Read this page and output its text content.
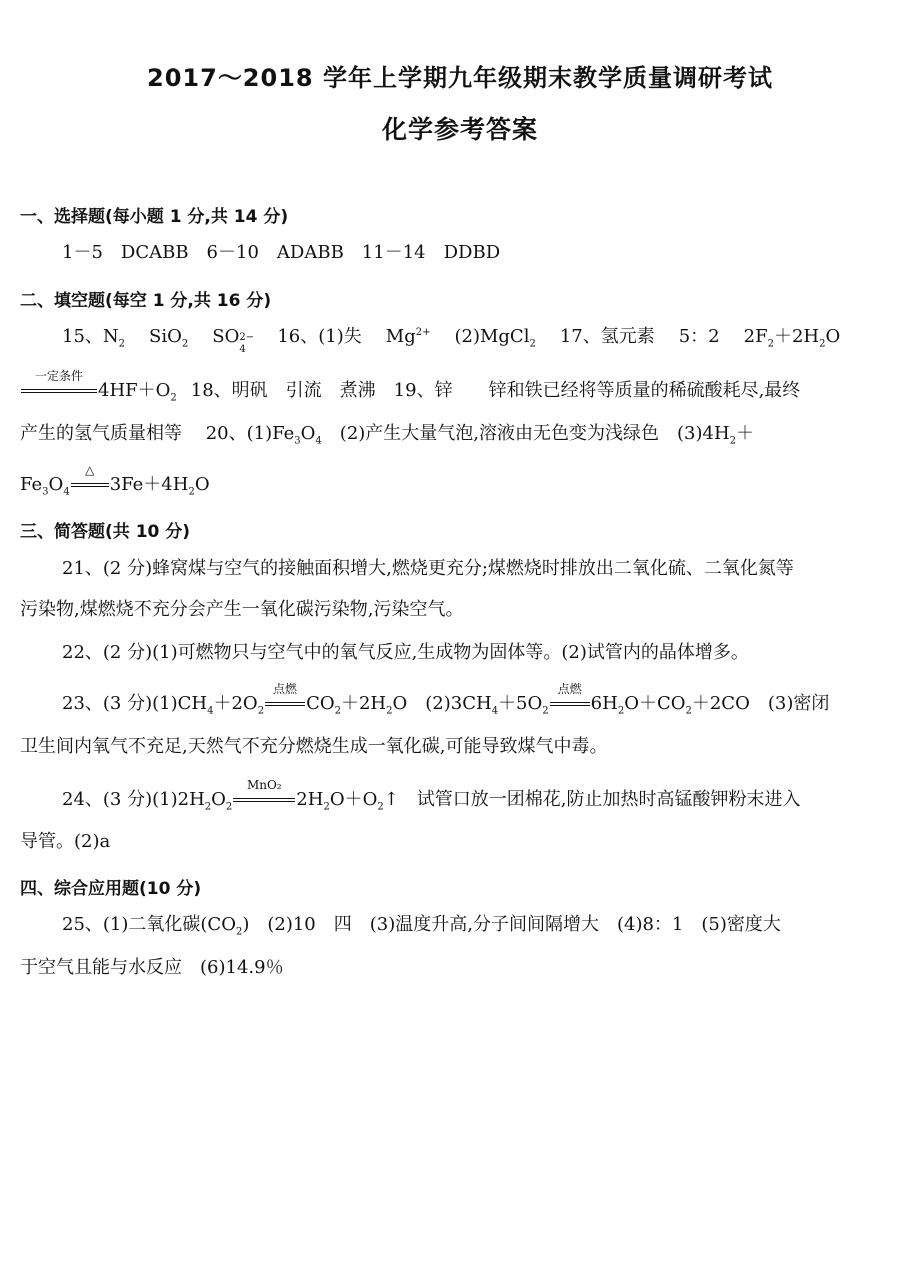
2017～2018 学年上学期九年级期末教学质量调研考试
化学参考答案
一、选择题(每小题 1 分,共 14 分)
1－5　DCABB　6－10　ADABB　11－14　DDBD
二、填空题(每空 1 分,共 16 分)
15、$N_2$ SiO$_2$ SO 2−
4
16、(1)失 $Mg^{2+}$ (2)MgCl$_2$ 17、氢元素 5：2 $2F_2+2H_2O$
一定条件
$4HF+O_2$ 18、明矾　引流　煮沸　19、锌　　锌和铁已经将等质量的稀硫酸耗尽,最终
产生的氢气质量相等　 20、$(1)Fe_3O_4$　(2)产生大量气泡,溶液由无色变为浅绿色　$(3)4H_2+$
$Fe_3O_4$
△
$3Fe+4H_2O$
三、简答题(共 10 分)
21、(2 分)蜂窝煤与空气的接触面积增大,燃烧更充分;煤燃烧时排放出二氧化硫、二氧化氮等
污染物,煤燃烧不充分会产生一氧化碳污染物,污染空气。
22、(2 分)(1)可燃物只与空气中的氧气反应,生成物为固体等。(2)试管内的晶体增多。
23、(3 分)$(1)CH_4+2O_2$
点燃
$CO_2+2H_2O$　$(2)3CH_4+5O_2$
点燃
$6H_2O+CO_2+2CO$　(3)密闭
卫生间内氧气不充足,天然气不充分燃烧生成一氧化碳,可能导致煤气中毒。
24、(3 分)$(1)2H_2O_2$
MnO₂
$2H_2O+O_2↑$　试管口放一团棉花,防止加热时高锰酸钾粉末进入
导管。(2)a
四、综合应用题(10 分)
25、(1)二氧化碳$(CO_2)$　(2)10　四　(3)温度升高,分子间间隔增大　(4)8：1　(5)密度大
于空气且能与水反应　(6)14.9％
